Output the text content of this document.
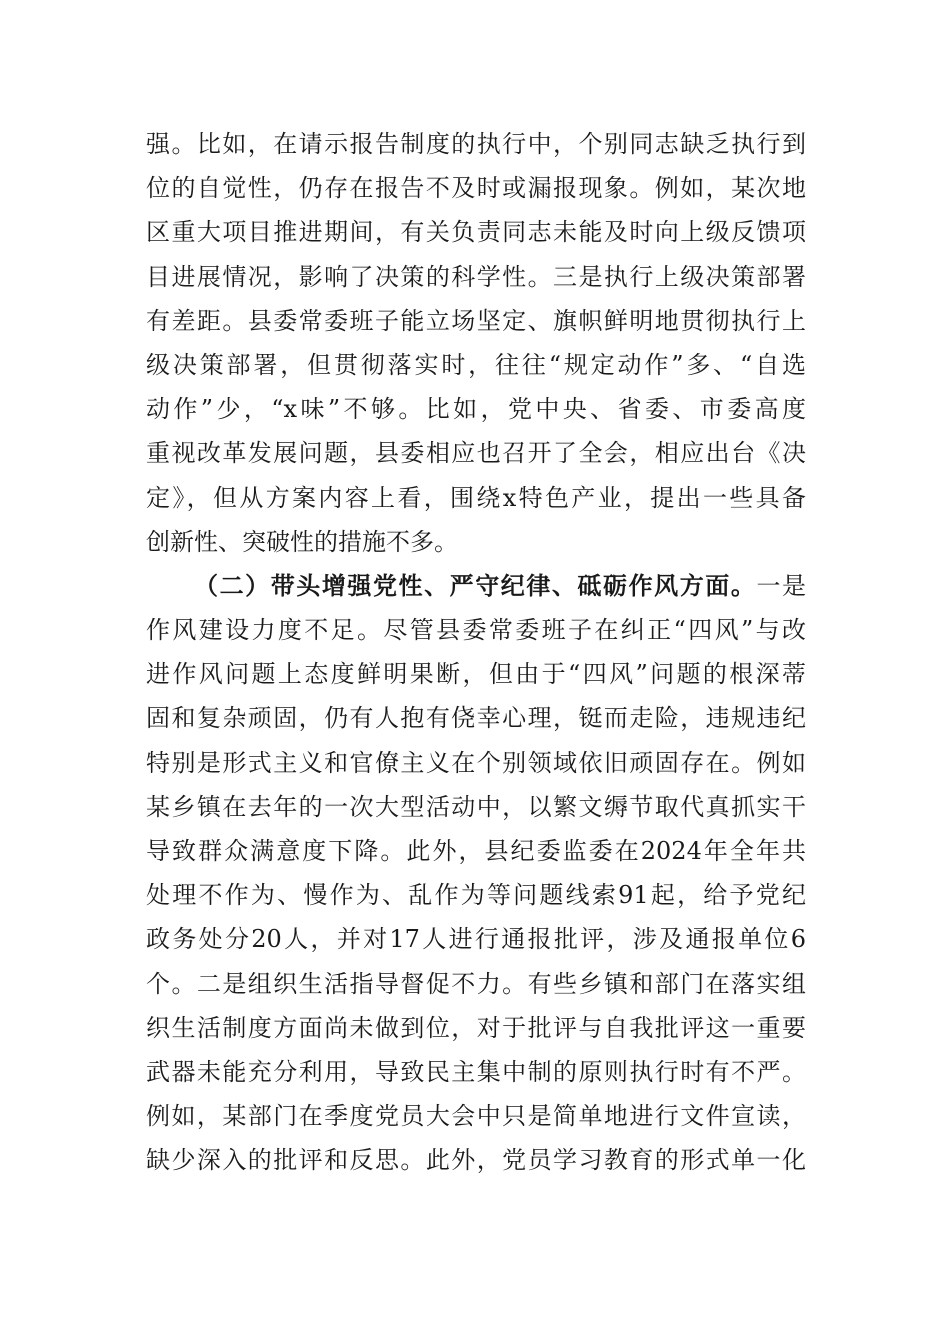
强。比如，在请示报告制度的执行中，个别同志缺乏执行到
位的自觉性，仍存在报告不及时或漏报现象。例如，某次地
区重大项目推进期间，有关负责同志未能及时向上级反馈项
目进展情况，影响了决策的科学性。三是执行上级决策部署
有差距。县委常委班子能立场坚定、旗帜鲜明地贯彻执行上
级决策部署，但贯彻落实时，往往“规定动作”多、“自选
动作”少，“x味”不够。比如，党中央、省委、市委高度
重视改革发展问题，县委相应也召开了全会，相应出台《决
定》，但从方案内容上看，围绕x特色产业，提出一些具备
创新性、突破性的措施不多。
（二）带头增强党性、严守纪律、砥砺作风方面。一是
作风建设力度不足。尽管县委常委班子在纠正“四风”与改
进作风问题上态度鲜明果断，但由于“四风”问题的根深蒂
固和复杂顽固，仍有人抱有侥幸心理，铤而走险，违规违纪
特别是形式主义和官僚主义在个别领域依旧顽固存在。例如
某乡镇在去年的一次大型活动中，以繁文缛节取代真抓实干
导致群众满意度下降。此外，县纪委监委在2024年全年共
处理不作为、慢作为、乱作为等问题线索91起，给予党纪
政务处分20人，并对17人进行通报批评，涉及通报单位6
个。二是组织生活指导督促不力。有些乡镇和部门在落实组
织生活制度方面尚未做到位，对于批评与自我批评这一重要
武器未能充分利用，导致民主集中制的原则执行时有不严。
例如，某部门在季度党员大会中只是简单地进行文件宣读，
缺少深入的批评和反思。此外，党员学习教育的形式单一化
